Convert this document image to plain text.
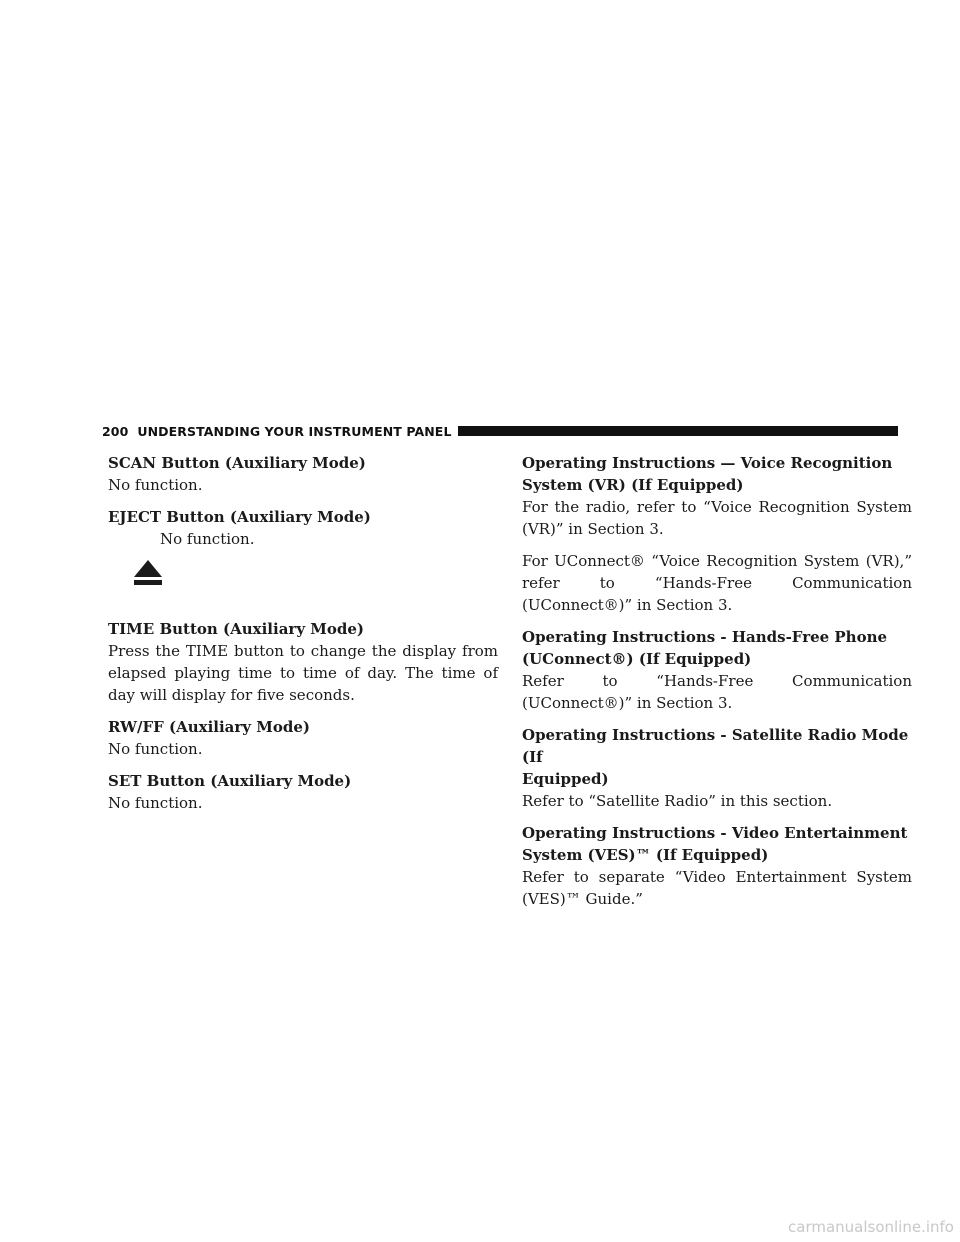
200 UNDERSTANDING YOUR INSTRUMENT PANEL
SCAN Button (Auxiliary Mode)

No function.

EJECT Button (Auxiliary Mode)

No function.

TIME Button (Auxiliary Mode)

Press the TIME button to change the display from elapsed playing time to time of day. The time of day will display for five seconds.

RW/FF (Auxiliary Mode)

No function.

SET Button (Auxiliary Mode)

No function.

Operating Instructions — Voice Recognition
System (VR) (If Equipped)

For the radio, refer to “Voice Recognition System (VR)” in Section 3.

For UConnect® “Voice Recognition System (VR),” refer to “Hands-Free Communication (UConnect®)” in Section 3.

Operating Instructions - Hands-Free Phone
(UConnect®) (If Equipped)

Refer to “Hands-Free Communication (UConnect®)” in Section 3.

Operating Instructions - Satellite Radio Mode (If
Equipped)

Refer to “Satellite Radio” in this section.

Operating Instructions - Video Entertainment
System (VES)™ (If Equipped)

Refer to separate “Video Entertainment System (VES)™ Guide.”

carmanualsonline.info
